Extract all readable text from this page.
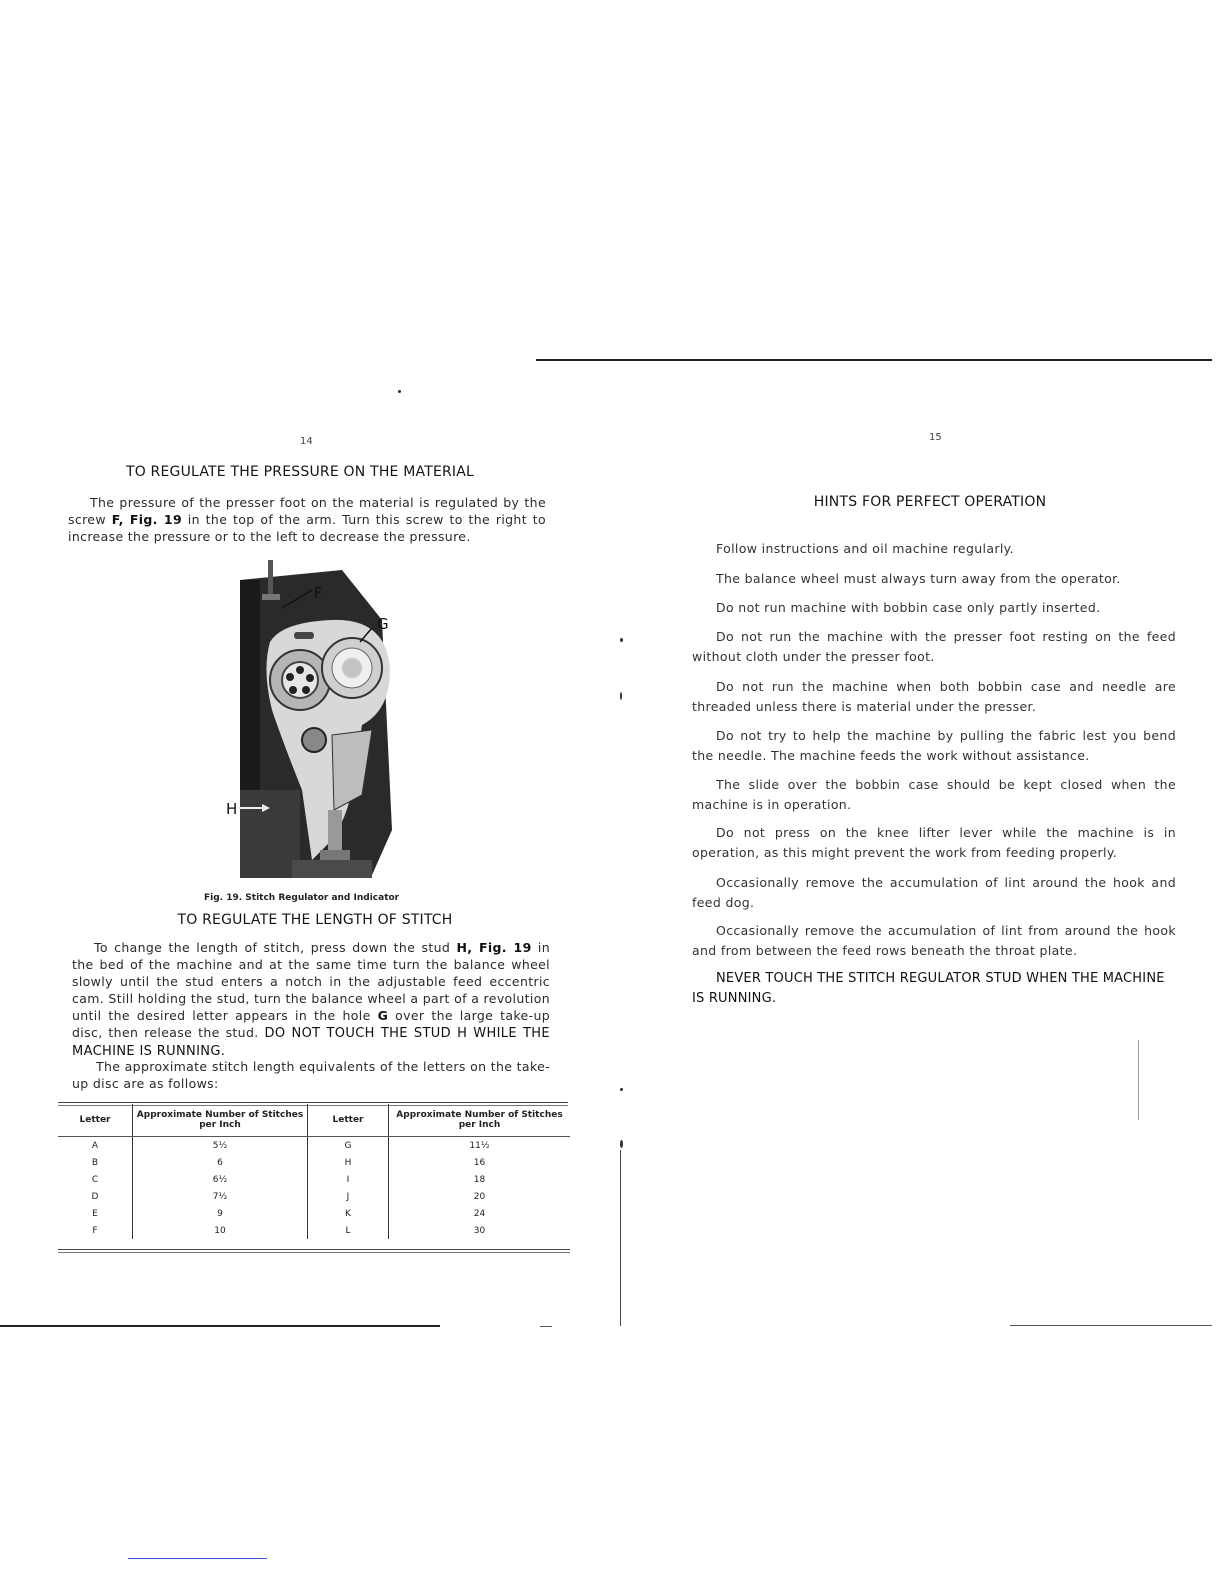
14
TO REGULATE THE PRESSURE ON THE MATERIAL

The pressure of the presser foot on the material is regulated by the screw F, Fig. 19 in the top of the arm. Turn this screw to the right to increase the pressure or to the left to decrease the pressure.

F
G
H
Fig. 19. Stitch Regulator and Indicator
TO REGULATE THE LENGTH OF STITCH

To change the length of stitch, press down the stud H, Fig. 19 in the bed of the machine and at the same time turn the balance wheel slowly until the stud enters a notch in the adjustable feed eccentric cam. Still holding the stud, turn the balance wheel a part of a revolution until the desired letter appears in the hole G over the large take-up disc, then release the stud. DO NOT TOUCH THE STUD H WHILE THE MACHINE IS RUNNING.

The approximate stitch length equivalents of the letters on the take-up disc are as follows:

Letter	Approximate Number of Stitches per Inch	Letter	Approximate Number of Stitches per Inch
A	5½	G	11½
B	6	H	16
C	6½	I	18
D	7½	J	20
E	9	K	24
F	10	L	30
15
HINTS FOR PERFECT OPERATION

Follow instructions and oil machine regularly.

The balance wheel must always turn away from the operator.

Do not run machine with bobbin case only partly inserted.

Do not run the machine with the presser foot resting on the feed without cloth under the presser foot.

Do not run the machine when both bobbin case and needle are threaded unless there is material under the presser.

Do not try to help the machine by pulling the fabric lest you bend the needle. The machine feeds the work without assistance.

The slide over the bobbin case should be kept closed when the machine is in operation.

Do not press on the knee lifter lever while the machine is in operation, as this might prevent the work from feeding properly.

Occasionally remove the accumulation of lint around the hook and feed dog.

Occasionally remove the accumulation of lint from around the hook and from between the feed rows beneath the throat plate.

NEVER TOUCH THE STITCH REGULATOR STUD WHEN THE MACHINE IS RUNNING.
